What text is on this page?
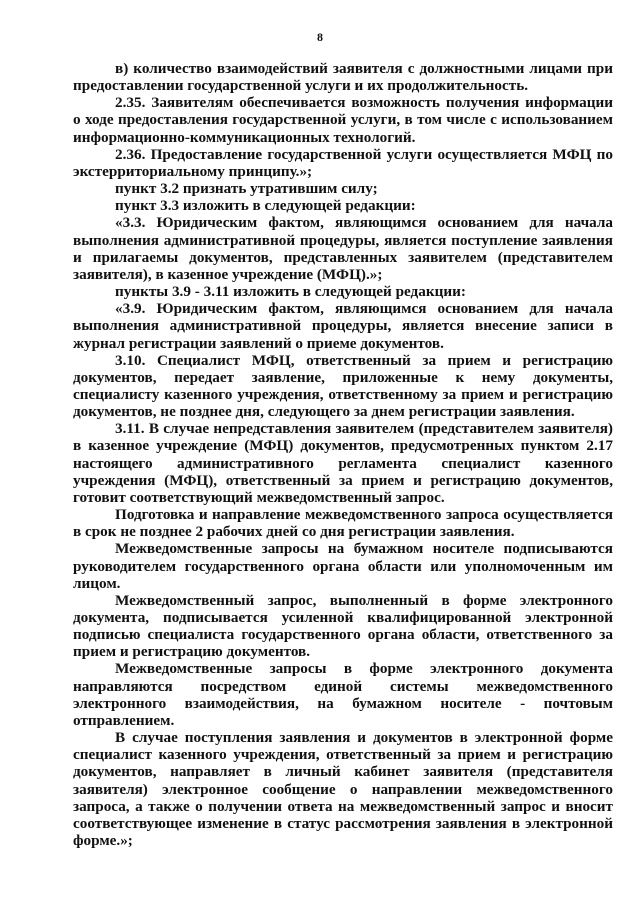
8

в) количество взаимодействий заявителя с должностными лицами при предоставлении государственной услуги и их продолжительность.

2.35. Заявителям обеспечивается возможность получения информации о ходе предоставления государственной услуги, в том числе с использованием информационно-коммуникационных технологий.

2.36. Предоставление государственной услуги осуществляется МФЦ по экстерриториальному принципу.»;

пункт 3.2 признать утратившим силу;

пункт 3.3 изложить в следующей редакции:

«3.3. Юридическим фактом, являющимся основанием для начала выполнения административной процедуры, является поступление заявления и прилагаемы документов, представленных заявителем (представителем заявителя), в казенное учреждение (МФЦ).»;

пункты 3.9 - 3.11 изложить в следующей редакции:

«3.9. Юридическим фактом, являющимся основанием для начала выполнения административной процедуры, является внесение записи в журнал регистрации заявлений о приеме документов.

3.10. Специалист МФЦ, ответственный за прием и регистрацию документов, передает заявление, приложенные к нему документы, специалисту казенного учреждения, ответственному за прием и регистрацию документов, не позднее дня, следующего за днем регистрации заявления.

3.11. В случае непредставления заявителем (представителем заявителя) в казенное учреждение (МФЦ) документов, предусмотренных пунктом 2.17 настоящего административного регламента специалист казенного учреждения (МФЦ), ответственный за прием и регистрацию документов, готовит соответствующий межведомственный запрос.

Подготовка и направление межведомственного запроса осуществляется в срок не позднее 2 рабочих дней со дня регистрации заявления.

Межведомственные запросы на бумажном носителе подписываются руководителем государственного органа области или уполномоченным им лицом.

Межведомственный запрос, выполненный в форме электронного документа, подписывается усиленной квалифицированной электронной подписью специалиста государственного органа области, ответственного за прием и регистрацию документов.

Межведомственные запросы в форме электронного документа направляются посредством единой системы межведомственного электронного взаимодействия, на бумажном носителе - почтовым отправлением.

В случае поступления заявления и документов в электронной форме специалист казенного учреждения, ответственный за прием и регистрацию документов, направляет в личный кабинет заявителя (представителя заявителя) электронное сообщение о направлении межведомственного запроса, а также о получении ответа на межведомственный запрос и вносит соответствующее изменение в статус рассмотрения заявления в электронной форме.»;
